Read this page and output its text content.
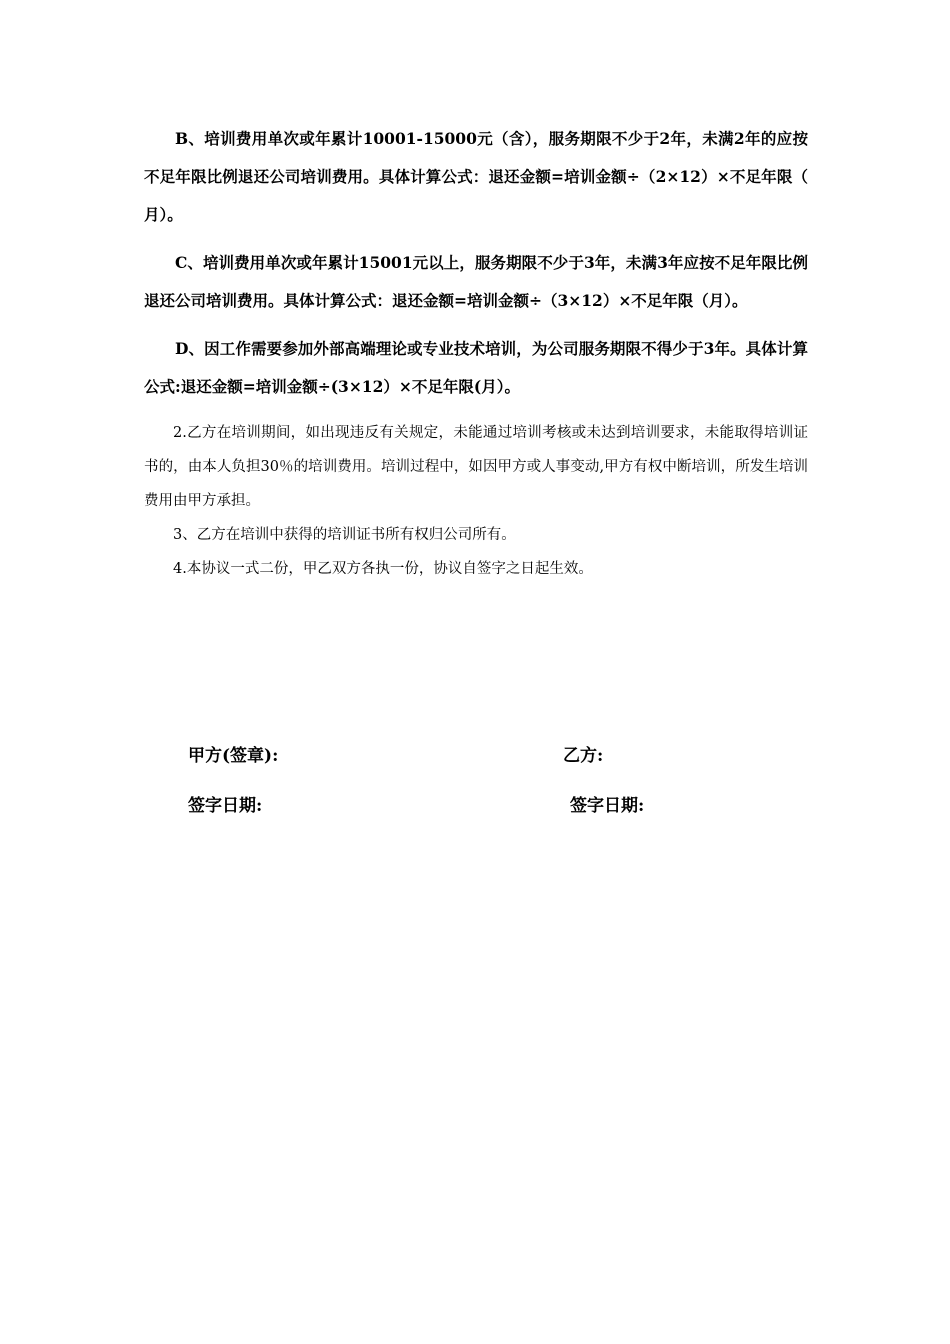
B、培训费用单次或年累计10001-15000元（含），服务期限不少于2年，未满2年的应按不足年限比例退还公司培训费用。具体计算公式：退还金额=培训金额÷（2×12）×不足年限（月）。

C、培训费用单次或年累计15001元以上，服务期限不少于3年，未满3年应按不足年限比例退还公司培训费用。具体计算公式：退还金额=培训金额÷（3×12）×不足年限（月）。

D、因工作需要参加外部高端理论或专业技术培训，为公司服务期限不得少于3年。具体计算公式:退还金额=培训金额÷(3×12）×不足年限(月）。

2.乙方在培训期间，如出现违反有关规定，未能通过培训考核或未达到培训要求，未能取得培训证书的，由本人负担30％的培训费用。培训过程中，如因甲方或人事变动,甲方有权中断培训，所发生培训费用由甲方承担。

3、乙方在培训中获得的培训证书所有权归公司所有。

4.本协议一式二份，甲乙双方各执一份，协议自签字之日起生效。

甲方(签章):	乙方:
签字日期:	签字日期:
